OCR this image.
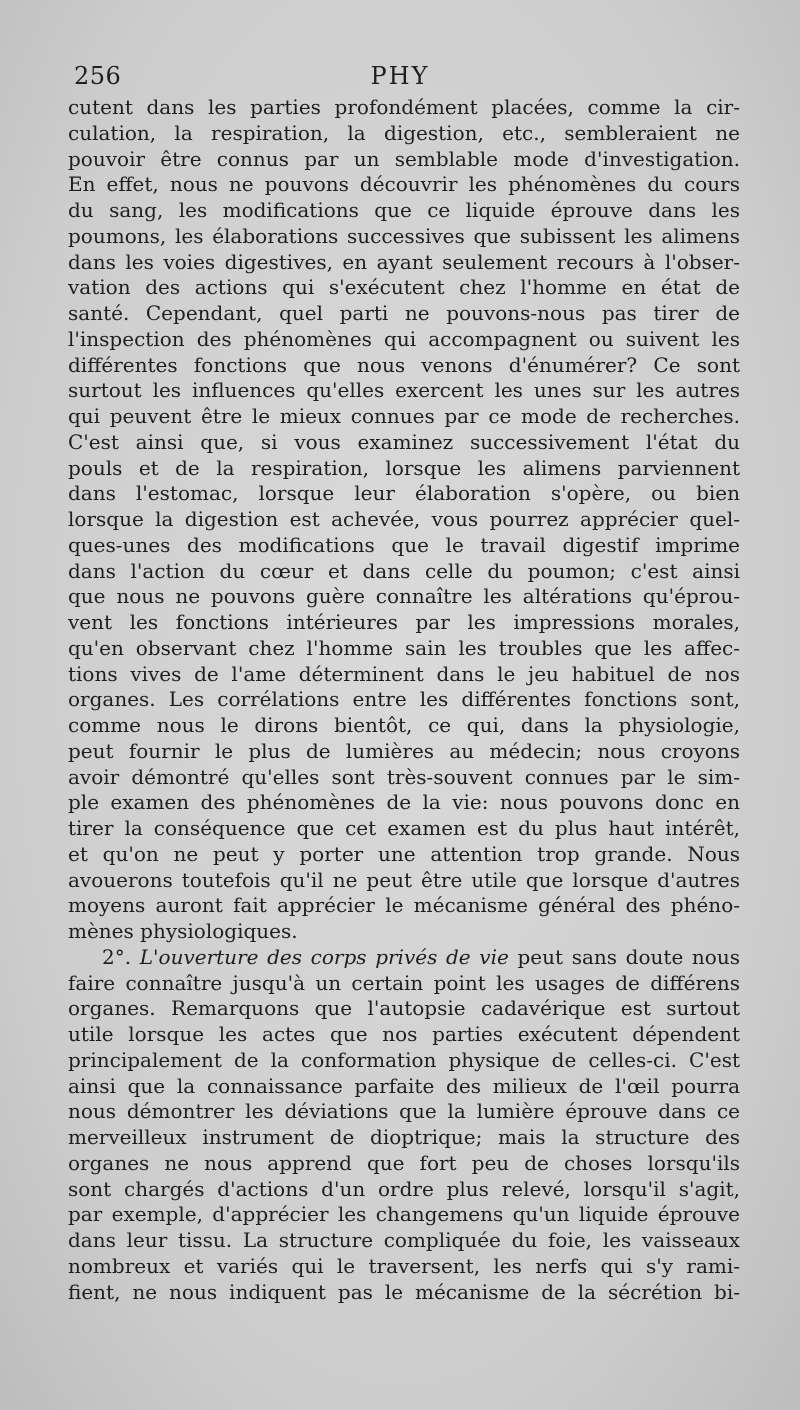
256	PHY
cutent dans les parties profondément placées, comme la cir-
culation, la respiration, la digestion, etc., sembleraient ne
pouvoir être connus par un semblable mode d'investigation.
En effet, nous ne pouvons découvrir les phénomènes du cours
du sang, les modifications que ce liquide éprouve dans les
poumons, les élaborations successives que subissent les alimens
dans les voies digestives, en ayant seulement recours à l'obser-
vation des actions qui s'exécutent chez l'homme en état de
santé. Cependant, quel parti ne pouvons-nous pas tirer de
l'inspection des phénomènes qui accompagnent ou suivent les
différentes fonctions que nous venons d'énumérer? Ce sont
surtout les influences qu'elles exercent les unes sur les autres
qui peuvent être le mieux connues par ce mode de recherches.
C'est ainsi que, si vous examinez successivement l'état du
pouls et de la respiration, lorsque les alimens parviennent
dans l'estomac, lorsque leur élaboration s'opère, ou bien
lorsque la digestion est achevée, vous pourrez apprécier quel-
ques-unes des modifications que le travail digestif imprime
dans l'action du cœur et dans celle du poumon; c'est ainsi
que nous ne pouvons guère connaître les altérations qu'éprou-
vent les fonctions intérieures par les impressions morales,
qu'en observant chez l'homme sain les troubles que les affec-
tions vives de l'ame déterminent dans le jeu habituel de nos
organes. Les corrélations entre les différentes fonctions sont,
comme nous le dirons bientôt, ce qui, dans la physiologie,
peut fournir le plus de lumières au médecin; nous croyons
avoir démontré qu'elles sont très-souvent connues par le sim-
ple examen des phénomènes de la vie: nous pouvons donc en
tirer la conséquence que cet examen est du plus haut intérêt,
et qu'on ne peut y porter une attention trop grande. Nous
avouerons toutefois qu'il ne peut être utile que lorsque d'autres
moyens auront fait apprécier le mécanisme général des phéno-
mènes physiologiques.
2°. L'ouverture des corps privés de vie peut sans doute nous
faire connaître jusqu'à un certain point les usages de différens
organes. Remarquons que l'autopsie cadavérique est surtout
utile lorsque les actes que nos parties exécutent dépendent
principalement de la conformation physique de celles-ci. C'est
ainsi que la connaissance parfaite des milieux de l'œil pourra
nous démontrer les déviations que la lumière éprouve dans ce
merveilleux instrument de dioptrique; mais la structure des
organes ne nous apprend que fort peu de choses lorsqu'ils
sont chargés d'actions d'un ordre plus relevé, lorsqu'il s'agit,
par exemple, d'apprécier les changemens qu'un liquide éprouve
dans leur tissu. La structure compliquée du foie, les vaisseaux
nombreux et variés qui le traversent, les nerfs qui s'y rami-
fient, ne nous indiquent pas le mécanisme de la sécrétion bi-
